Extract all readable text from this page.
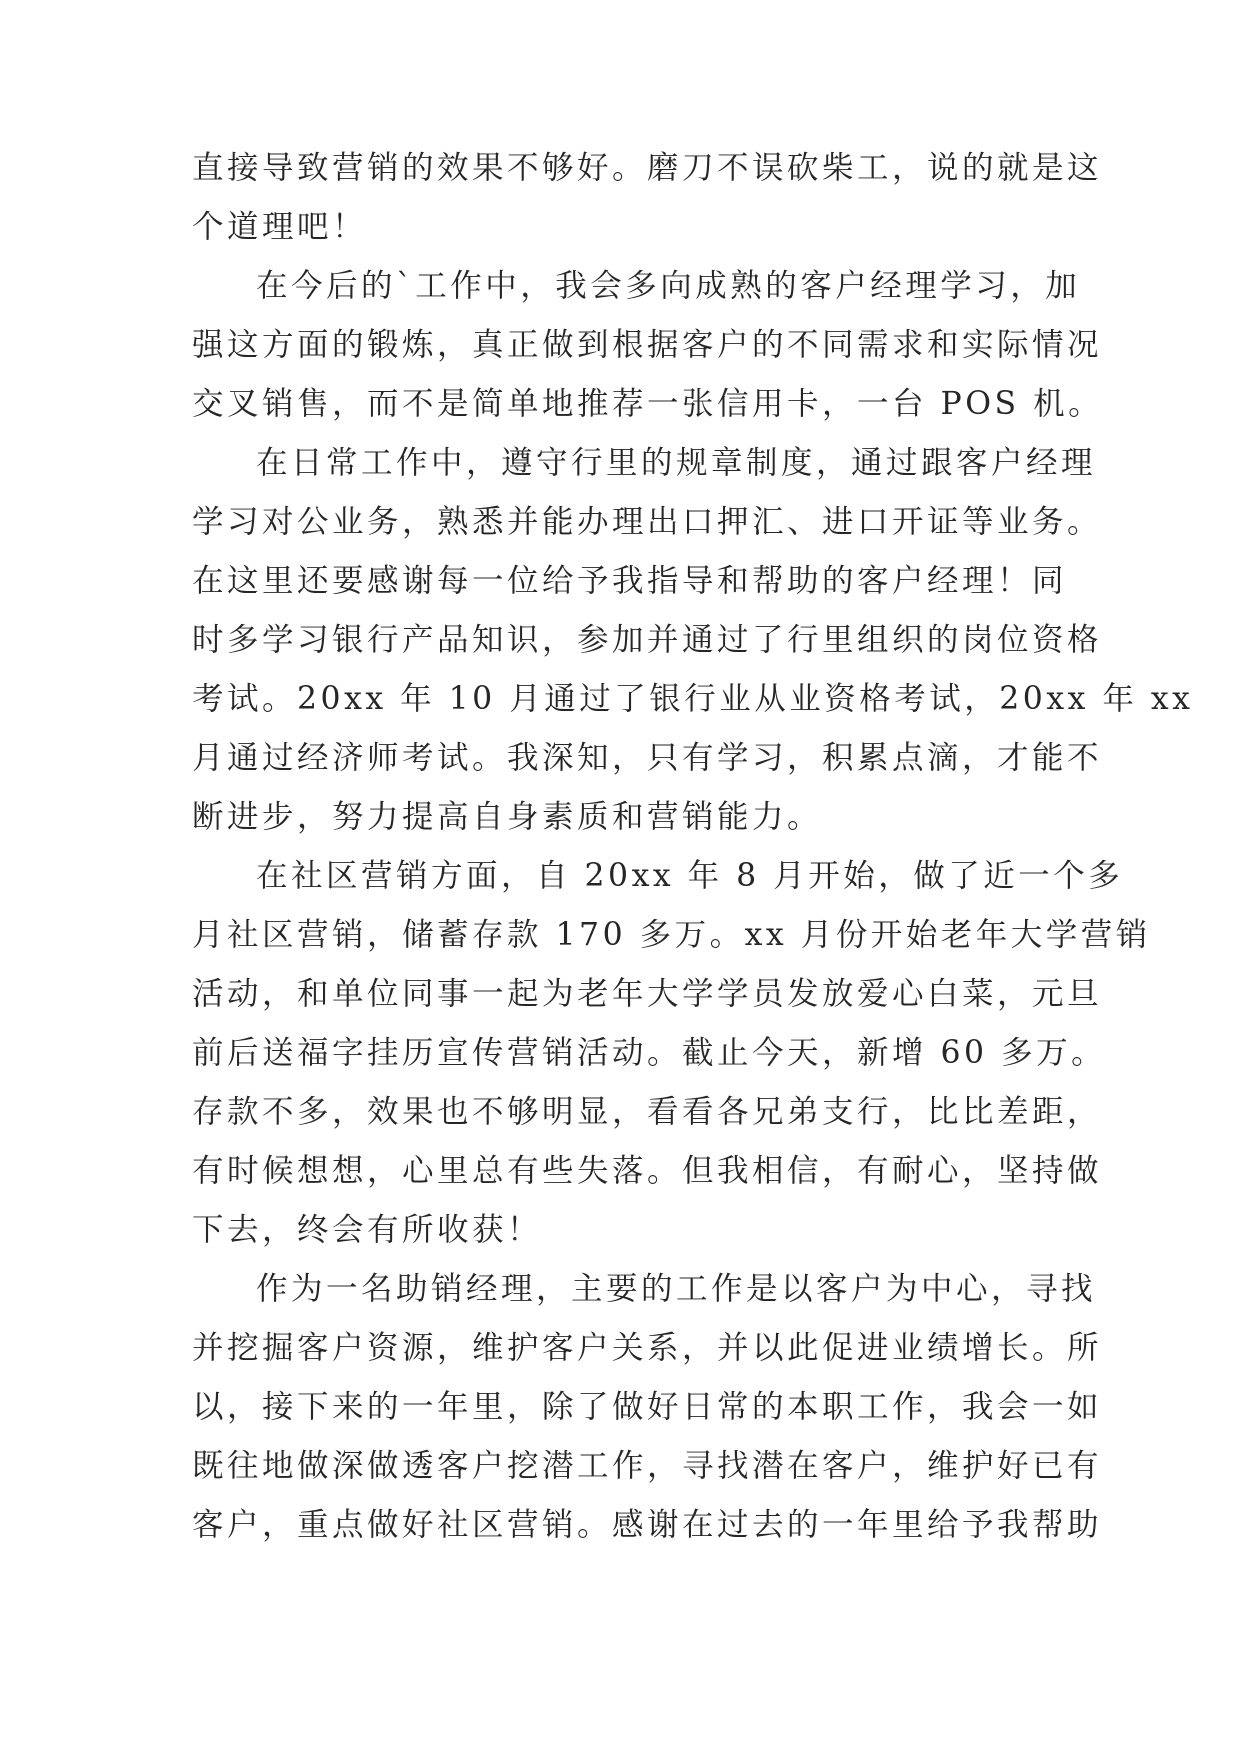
直接导致营销的效果不够好。磨刀不误砍柴工，说的就是这
个道理吧！
在今后的`工作中，我会多向成熟的客户经理学习，加
强这方面的锻炼，真正做到根据客户的不同需求和实际情况
交叉销售，而不是简单地推荐一张信用卡，一台 POS 机。
在日常工作中，遵守行里的规章制度，通过跟客户经理
学习对公业务，熟悉并能办理出口押汇、进口开证等业务。
在这里还要感谢每一位给予我指导和帮助的客户经理！同
时多学习银行产品知识，参加并通过了行里组织的岗位资格
考试。20xx 年 10 月通过了银行业从业资格考试，20xx 年 xx
月通过经济师考试。我深知，只有学习，积累点滴，才能不
断进步，努力提高自身素质和营销能力。
在社区营销方面，自 20xx 年 8 月开始，做了近一个多
月社区营销，储蓄存款 170 多万。xx 月份开始老年大学营销
活动，和单位同事一起为老年大学学员发放爱心白菜，元旦
前后送福字挂历宣传营销活动。截止今天，新增 60 多万。
存款不多，效果也不够明显，看看各兄弟支行，比比差距，
有时候想想，心里总有些失落。但我相信，有耐心，坚持做
下去，终会有所收获！
作为一名助销经理，主要的工作是以客户为中心，寻找
并挖掘客户资源，维护客户关系，并以此促进业绩增长。所
以，接下来的一年里，除了做好日常的本职工作，我会一如
既往地做深做透客户挖潜工作，寻找潜在客户，维护好已有
客户，重点做好社区营销。感谢在过去的一年里给予我帮助
